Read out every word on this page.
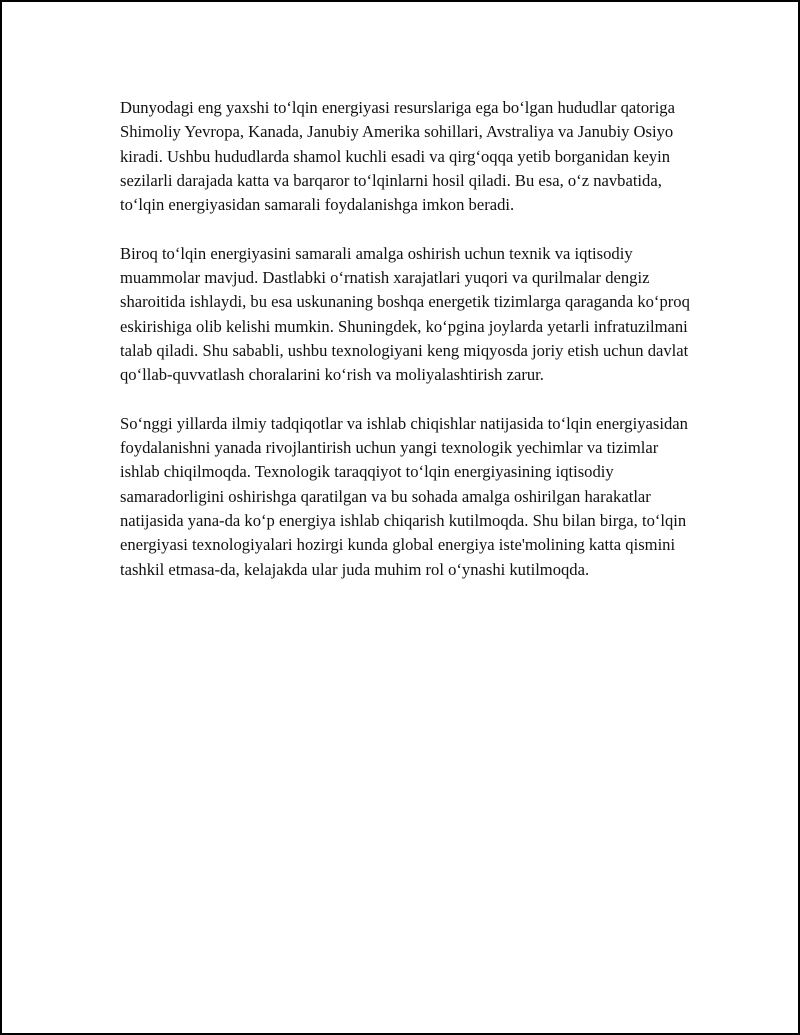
Dunyodagi eng yaxshi to‘lqin energiyasi resurslariga ega bo‘lgan hududlar qatoriga Shimoliy Yevropa, Kanada, Janubiy Amerika sohillari, Avstraliya va Janubiy Osiyo kiradi. Ushbu hududlarda shamol kuchli esadi va qirg‘oqqa yetib borganidan keyin sezilarli darajada katta va barqaror to‘lqinlarni hosil qiladi. Bu esa, o‘z navbatida, to‘lqin energiyasidan samarali foydalanishga imkon beradi.

Biroq to‘lqin energiyasini samarali amalga oshirish uchun texnik va iqtisodiy muammolar mavjud. Dastlabki o‘rnatish xarajatlari yuqori va qurilmalar dengiz sharoitida ishlaydi, bu esa uskunaning boshqa energetik tizimlarga qaraganda ko‘proq eskirishiga olib kelishi mumkin. Shuningdek, ko‘pgina joylarda yetarli infratuzilmani talab qiladi. Shu sababli, ushbu texnologiyani keng miqyosda joriy etish uchun davlat qo‘llab-quvvatlash choralarini ko‘rish va moliyalashtirish zarur.

So‘nggi yillarda ilmiy tadqiqotlar va ishlab chiqishlar natijasida to‘lqin energiyasidan foydalanishni yanada rivojlantirish uchun yangi texnologik yechimlar va tizimlar ishlab chiqilmoqda. Texnologik taraqqiyot to‘lqin energiyasining iqtisodiy samaradorligini oshirishga qaratilgan va bu sohada amalga oshirilgan harakatlar natijasida yana-da ko‘p energiya ishlab chiqarish kutilmoqda. Shu bilan birga, to‘lqin energiyasi texnologiyalari hozirgi kunda global energiya iste'molining katta qismini tashkil etmasa-da, kelajakda ular juda muhim rol o‘ynashi kutilmoqda.
